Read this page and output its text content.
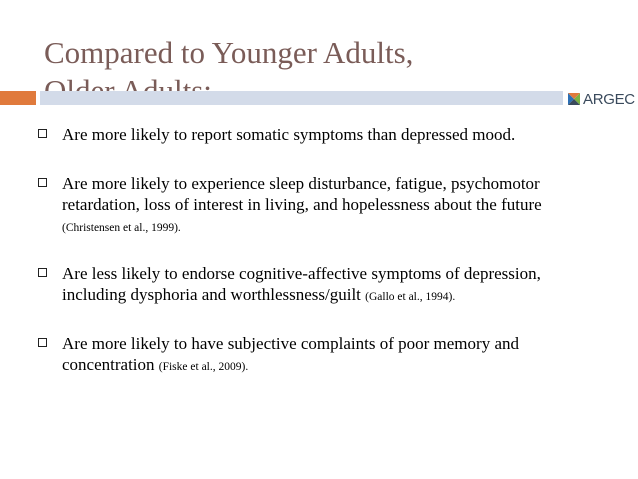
Compared to Younger Adults,
ARGEC
Are more likely to report somatic symptoms than depressed mood.
Are more likely to experience sleep disturbance, fatigue, psychomotor retardation, loss of interest in living, and hopelessness about the future (Christensen et al., 1999).
Are less likely to endorse cognitive-affective symptoms of depression, including dysphoria and worthlessness/guilt (Gallo et al., 1994).
Are more likely to have subjective complaints of poor memory and concentration (Fiske et al., 2009).
